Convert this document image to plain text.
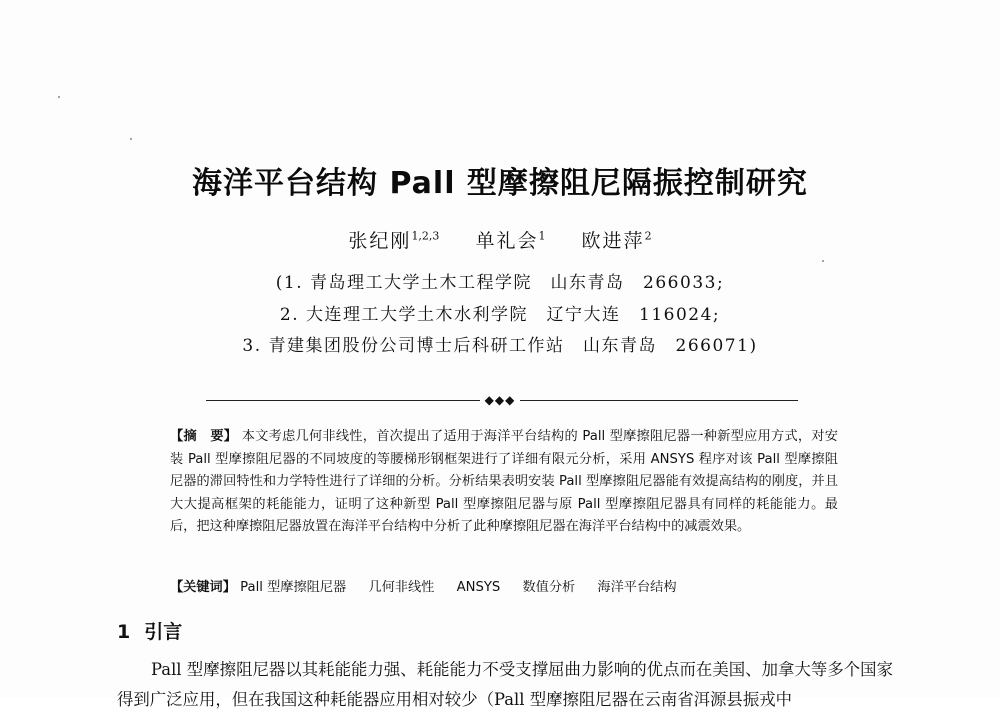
海洋平台结构 Pall 型摩擦阻尼隔振控制研究
张纪刚$^{1,2,3}$ 单礼会$^1$ 欧进萍$^2$
(1. 青岛理工大学土木工程学院　山东青岛　266033;
2. 大连理工大学土木水利学院　辽宁大连　116024;
3. 青建集团股份公司博士后科研工作站　山东青岛　266071)
◆◆◆
【摘　要】 本文考虑几何非线性，首次提出了适用于海洋平台结构的 Pall 型摩擦阻尼器一种新型应用方式，对安装 Pall 型摩擦阻尼器的不同坡度的等腰梯形钢框架进行了详细有限元分析，采用 ANSYS 程序对该 Pall 型摩擦阻尼器的滞回特性和力学特性进行了详细的分析。分析结果表明安装 Pall 型摩擦阻尼器能有效提高结构的刚度，并且大大提高框架的耗能能力，证明了这种新型 Pall 型摩擦阻尼器与原 Pall 型摩擦阻尼器具有同样的耗能能力。最后，把这种摩擦阻尼器放置在海洋平台结构中分析了此种摩擦阻尼器在海洋平台结构中的减震效果。
【关键词】 Pall 型摩擦阻尼器 几何非线性 ANSYS 数值分析 海洋平台结构
1 引言
Pall 型摩擦阻尼器以其耗能能力强、耗能能力不受支撑屈曲力影响的优点而在美国、加拿大等多个国家得到广泛应用，但在我国这种耗能器应用相对较少（Pall 型摩擦阻尼器在云南省洱源县振戎中
